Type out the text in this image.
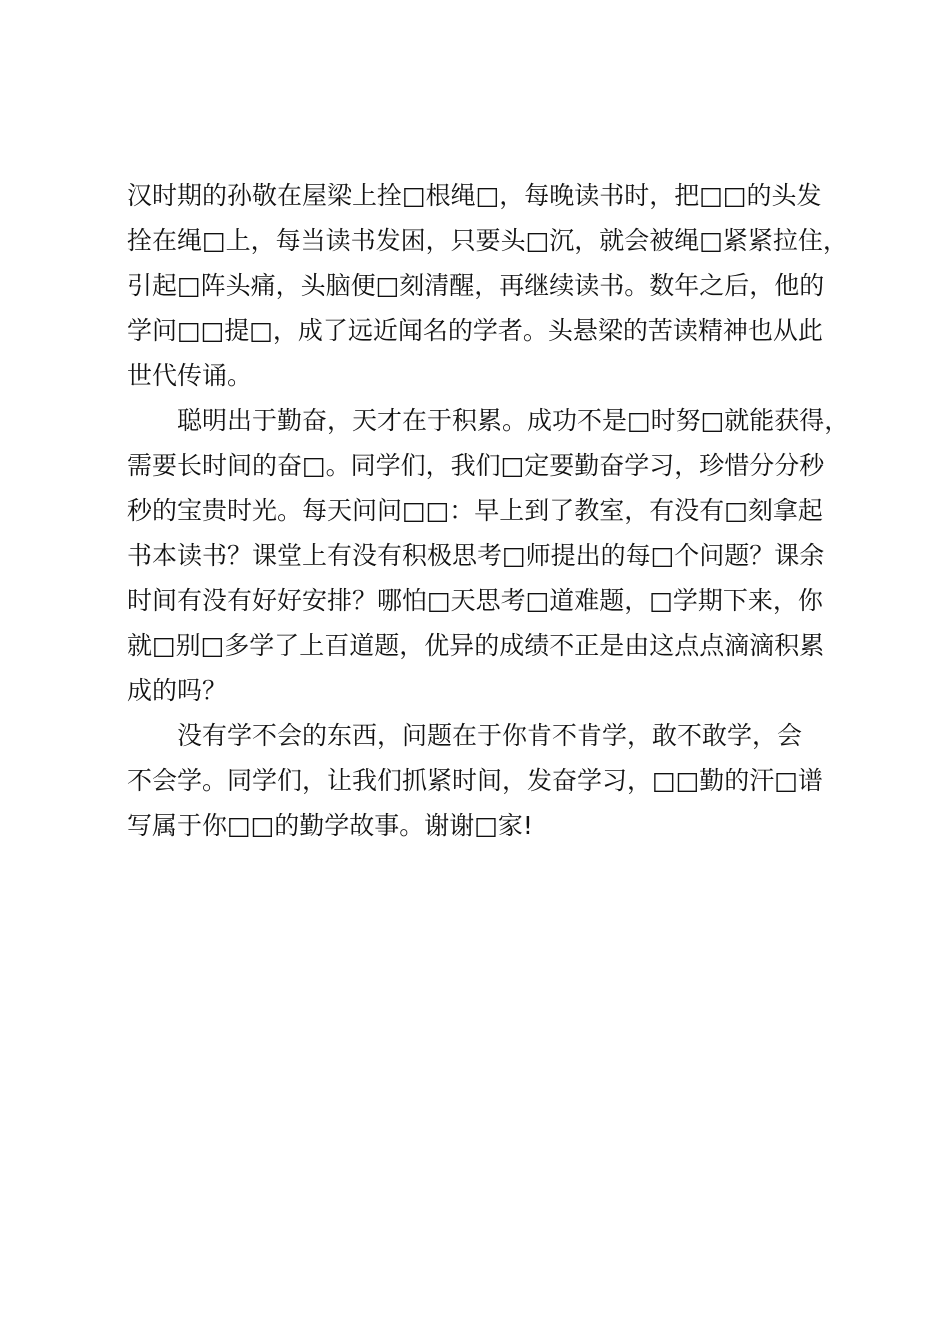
汉时期的孙敬在屋梁上拴□根绳□，每晚读书时，把□□的头发
拴在绳□上，每当读书发困，只要头□沉，就会被绳□紧紧拉住，
引起□阵头痛，头脑便□刻清醒，再继续读书。数年之后，他的
学问□□提□，成了远近闻名的学者。头悬梁的苦读精神也从此
世代传诵。
聪明出于勤奋，天才在于积累。成功不是□时努□就能获得，
需要长时间的奋□。同学们，我们□定要勤奋学习，珍惜分分秒
秒的宝贵时光。每天问问□□：早上到了教室，有没有□刻拿起
书本读书？课堂上有没有积极思考□师提出的每□个问题？课余
时间有没有好好安排？哪怕□天思考□道难题，□学期下来，你
就□别□多学了上百道题，优异的成绩不正是由这点点滴滴积累
成的吗？
没有学不会的东西，问题在于你肯不肯学，敢不敢学，会
不会学。同学们，让我们抓紧时间，发奋学习，□□勤的汗□谱
写属于你□□的勤学故事。谢谢□家!
